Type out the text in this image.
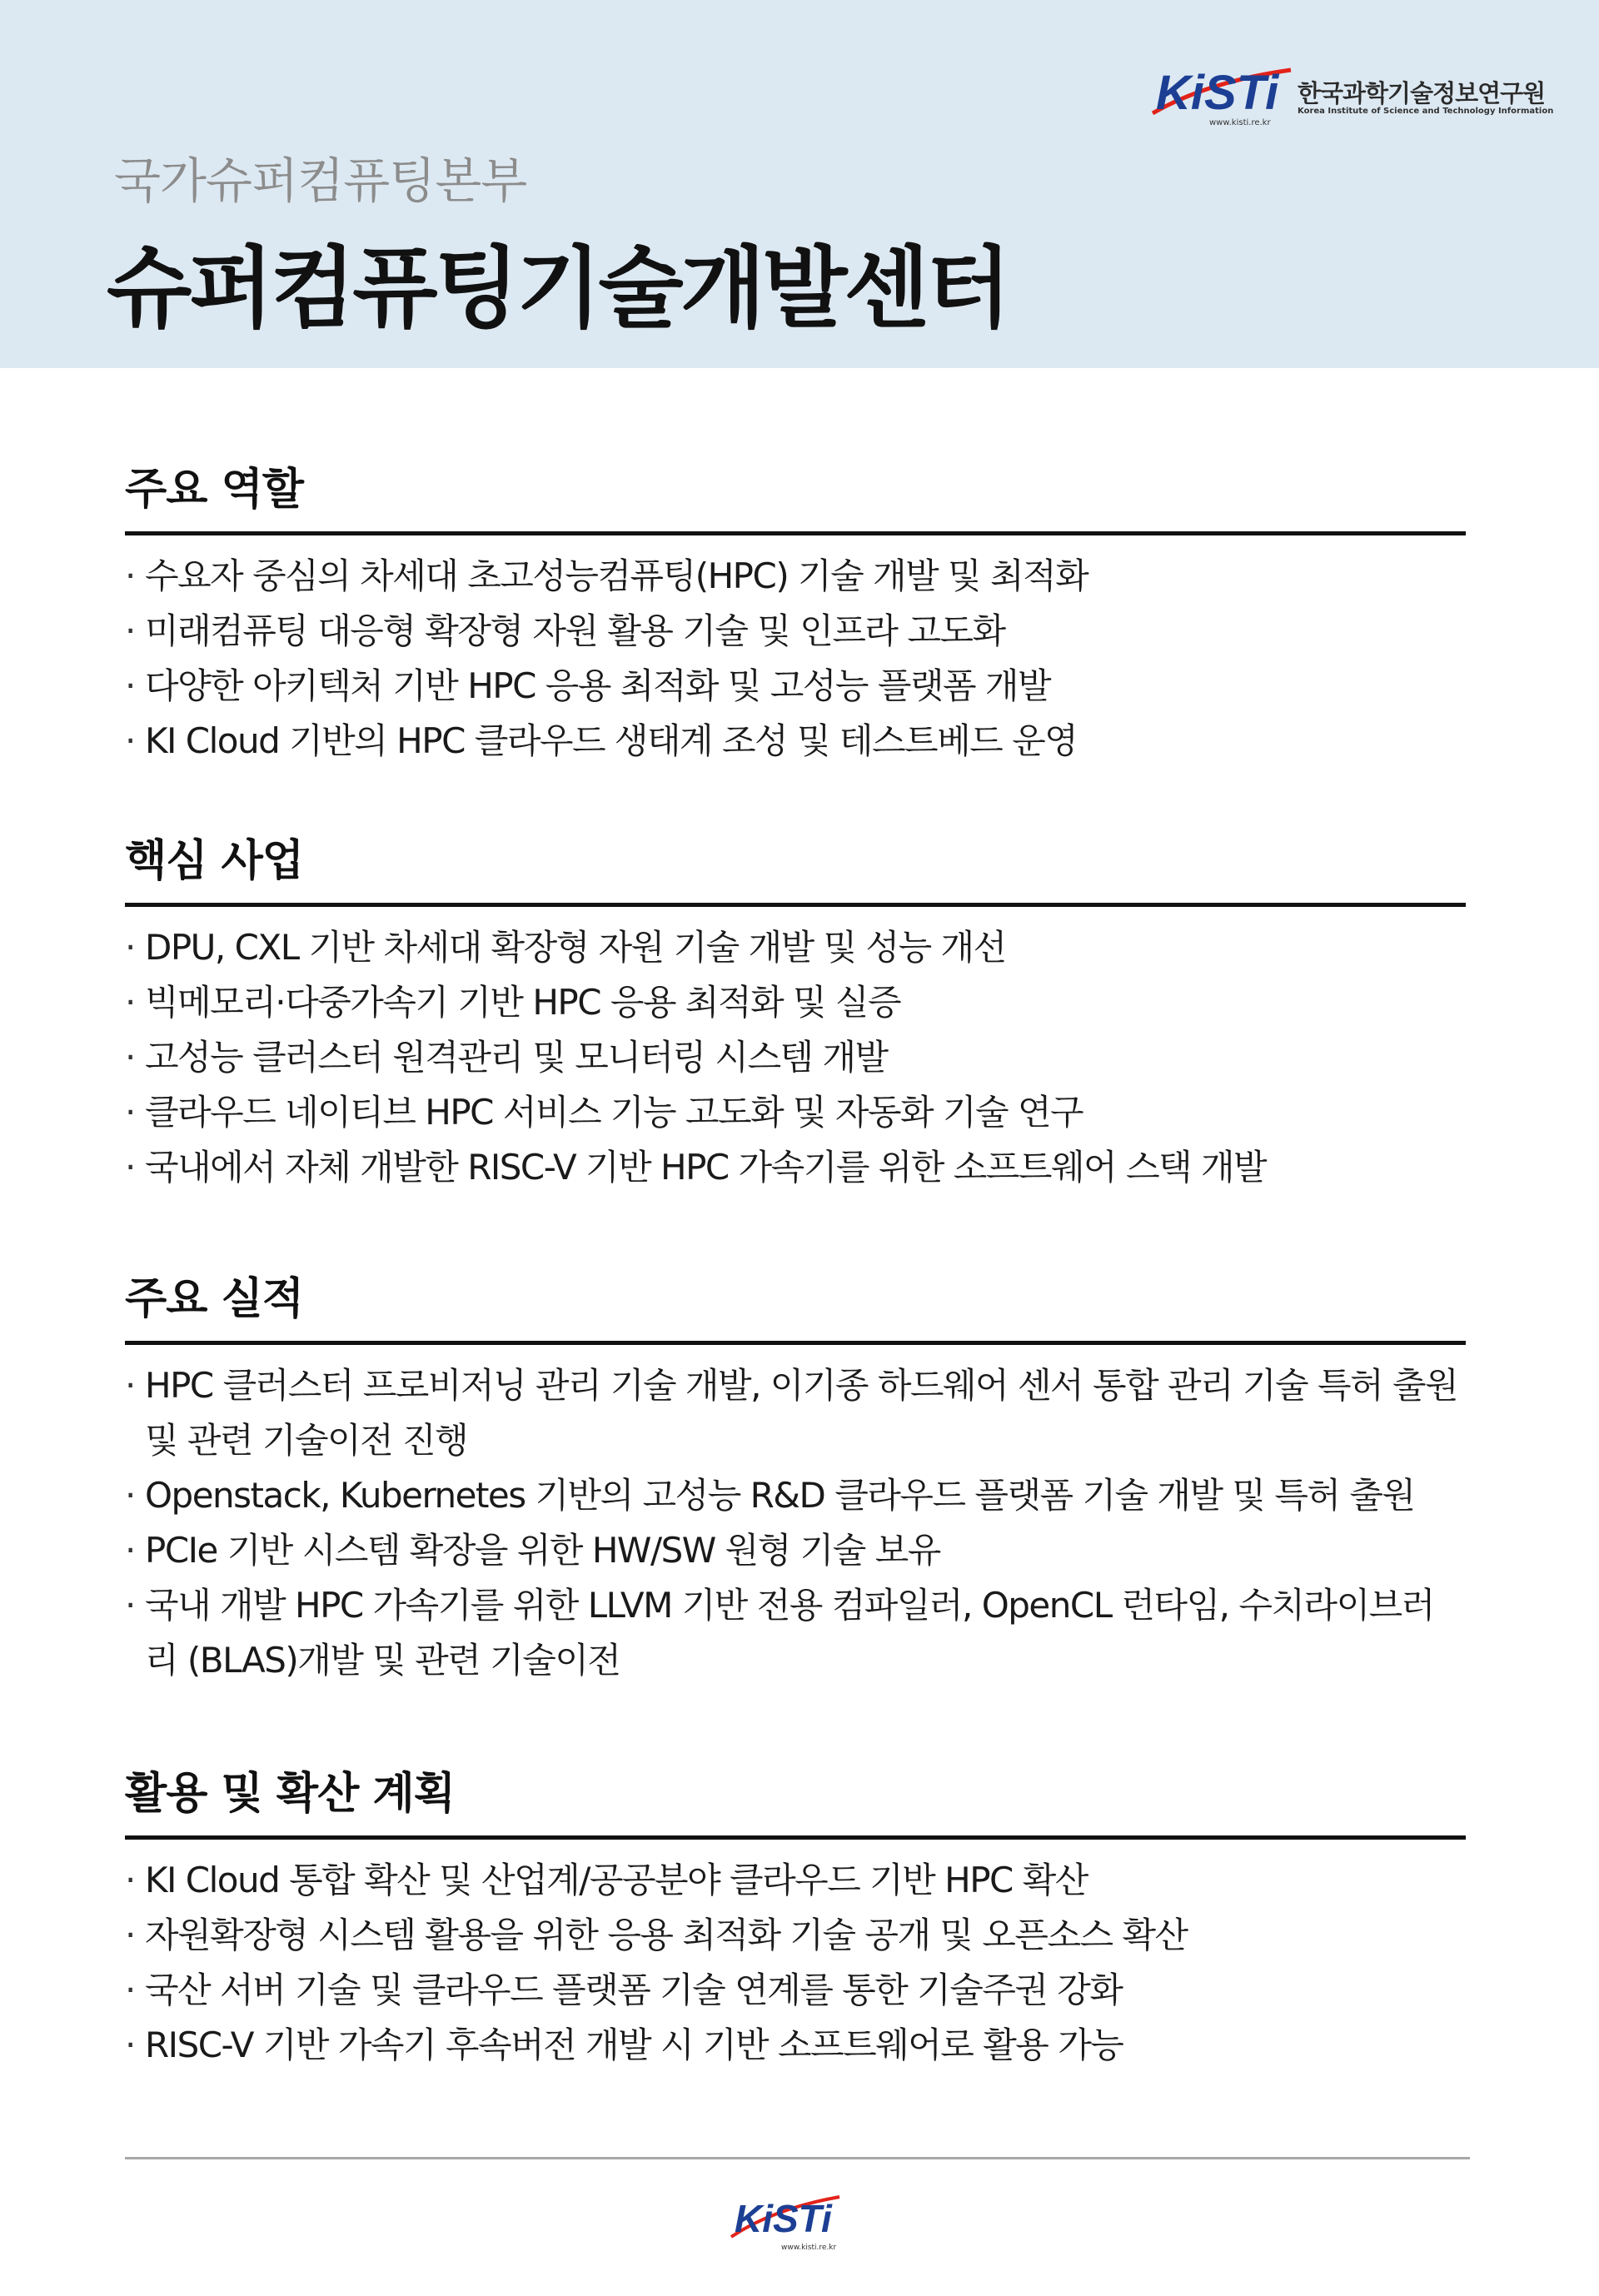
국가슈퍼컴퓨팅본부
슈퍼컴퓨팅기술개발센터
KiSTi
www.kisti.re.kr
한국과학기술정보연구원
Korea Institute of Science and Technology Information
주요 역할
· 수요자 중심의 차세대 초고성능컴퓨팅(HPC) 기술 개발 및 최적화
· 미래컴퓨팅 대응형 확장형 자원 활용 기술 및 인프라 고도화
· 다양한 아키텍처 기반 HPC 응용 최적화 및 고성능 플랫폼 개발
· KI Cloud 기반의 HPC 클라우드 생태계 조성 및 테스트베드 운영
핵심 사업
· DPU, CXL 기반 차세대 확장형 자원 기술 개발 및 성능 개선
· 빅메모리·다중가속기 기반 HPC 응용 최적화 및 실증
· 고성능 클러스터 원격관리 및 모니터링 시스템 개발
· 클라우드 네이티브 HPC 서비스 기능 고도화 및 자동화 기술 연구
· 국내에서 자체 개발한 RISC-V 기반 HPC 가속기를 위한 소프트웨어 스택 개발
주요 실적
· HPC 클러스터 프로비저닝 관리 기술 개발, 이기종 하드웨어 센서 통합 관리 기술 특허 출원 및 관련 기술이전 진행
· Openstack, Kubernetes 기반의 고성능 R&D 클라우드 플랫폼 기술 개발 및 특허 출원
· PCIe 기반 시스템 확장을 위한 HW/SW 원형 기술 보유
· 국내 개발 HPC 가속기를 위한 LLVM 기반 전용 컴파일러, OpenCL 런타임, 수치라이브러리 (BLAS)개발 및 관련 기술이전
활용 및 확산 계획
· KI Cloud 통합 확산 및 산업계/공공분야 클라우드 기반 HPC 확산
· 자원확장형 시스템 활용을 위한 응용 최적화 기술 공개 및 오픈소스 확산
· 국산 서버 기술 및 클라우드 플랫폼 기술 연계를 통한 기술주권 강화
· RISC-V 기반 가속기 후속버전 개발 시 기반 소프트웨어로 활용 가능
KiSTi
www.kisti.re.kr
